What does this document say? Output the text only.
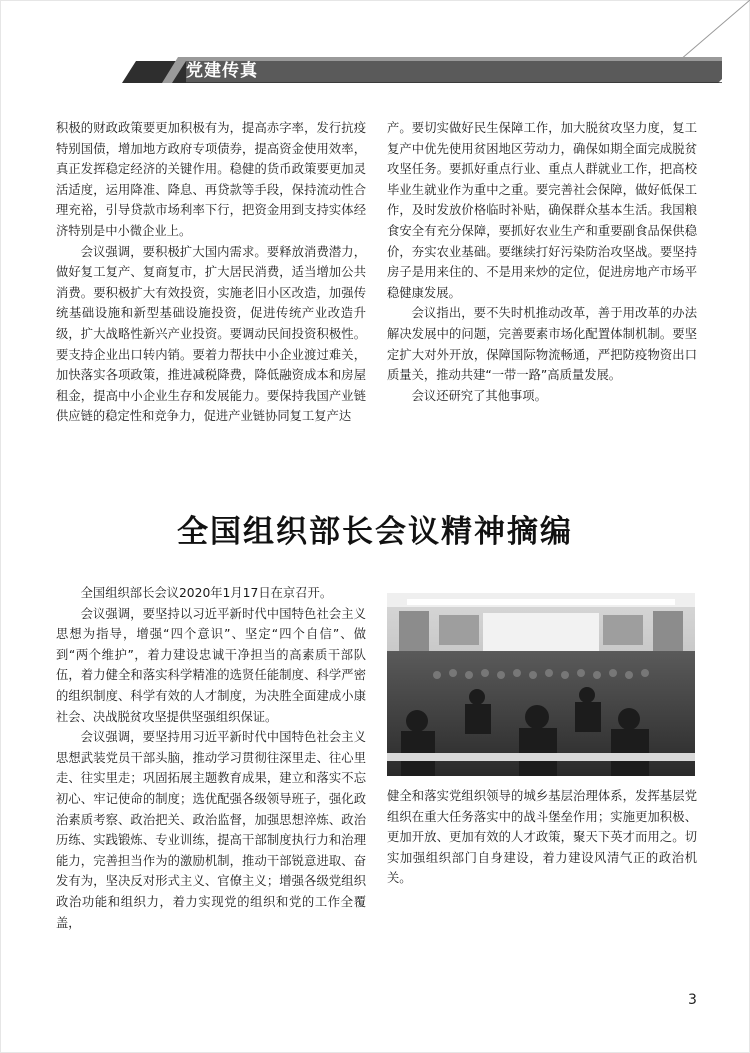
党建传真

积极的财政政策要更加积极有为，提高赤字率，发行抗疫特别国债，增加地方政府专项债券，提高资金使用效率，真正发挥稳定经济的关键作用。稳健的货币政策要更加灵活适度，运用降准、降息、再贷款等手段，保持流动性合理充裕，引导贷款市场利率下行，把资金用到支持实体经济特别是中小微企业上。

会议强调，要积极扩大国内需求。要释放消费潜力，做好复工复产、复商复市，扩大居民消费，适当增加公共消费。要积极扩大有效投资，实施老旧小区改造，加强传统基础设施和新型基础设施投资，促进传统产业改造升级，扩大战略性新兴产业投资。要调动民间投资积极性。要支持企业出口转内销。要着力帮扶中小企业渡过难关，加快落实各项政策，推进减税降费，降低融资成本和房屋租金，提高中小企业生存和发展能力。要保持我国产业链供应链的稳定性和竞争力，促进产业链协同复工复产达

产。要切实做好民生保障工作，加大脱贫攻坚力度，复工复产中优先使用贫困地区劳动力，确保如期全面完成脱贫攻坚任务。要抓好重点行业、重点人群就业工作，把高校毕业生就业作为重中之重。要完善社会保障，做好低保工作，及时发放价格临时补贴，确保群众基本生活。我国粮食安全有充分保障，要抓好农业生产和重要副食品保供稳价，夯实农业基础。要继续打好污染防治攻坚战。要坚持房子是用来住的、不是用来炒的定位，促进房地产市场平稳健康发展。

会议指出，要不失时机推动改革，善于用改革的办法解决发展中的问题，完善要素市场化配置体制机制。要坚定扩大对外开放，保障国际物流畅通，严把防疫物资出口质量关，推动共建“一带一路”高质量发展。

会议还研究了其他事项。

全国组织部长会议精神摘编

全国组织部长会议2020年1月17日在京召开。

会议强调，要坚持以习近平新时代中国特色社会主义思想为指导，增强“四个意识”、坚定“四个自信”、做到“两个维护”，着力建设忠诚干净担当的高素质干部队伍，着力健全和落实科学精准的选贤任能制度、科学严密的组织制度、科学有效的人才制度，为决胜全面建成小康社会、决战脱贫攻坚提供坚强组织保证。

会议强调，要坚持用习近平新时代中国特色社会主义思想武装党员干部头脑，推动学习贯彻往深里走、往心里走、往实里走；巩固拓展主题教育成果，建立和落实不忘初心、牢记使命的制度；选优配强各级领导班子，强化政治素质考察、政治把关、政治监督，加强思想淬炼、政治历练、实践锻炼、专业训练，提高干部制度执行力和治理能力，完善担当作为的激励机制，推动干部锐意进取、奋发有为，坚决反对形式主义、官僚主义；增强各级党组织政治功能和组织力，着力实现党的组织和党的工作全覆盖，

健全和落实党组织领导的城乡基层治理体系，发挥基层党组织在重大任务落实中的战斗堡垒作用；实施更加积极、更加开放、更加有效的人才政策，聚天下英才而用之。切实加强组织部门自身建设，着力建设风清气正的政治机关。

3
